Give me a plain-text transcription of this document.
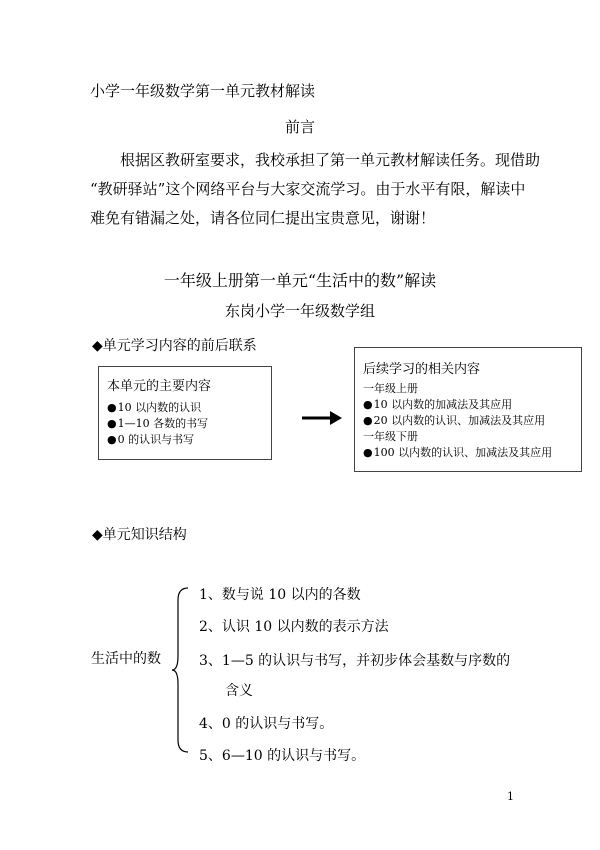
小学一年级数学第一单元教材解读
前言
根据区教研室要求，我校承担了第一单元教材解读任务。现借助
“教研驿站”这个网络平台与大家交流学习。由于水平有限，解读中
难免有错漏之处，请各位同仁提出宝贵意见，谢谢！
一年级上册第一单元“生活中的数”解读
东岗小学一年级数学组
◆单元学习内容的前后联系
本单元的主要内容
● 10 以内数的认识
● 1—10 各数的书写
● 0 的认识与书写
后续学习的相关内容
一年级上册
● 10 以内数的加减法及其应用
● 20 以内数的认识、加减法及其应用
一年级下册
● 100 以内数的认识、加减法及其应用
◆单元知识结构
生活中的数
1、数与说 10 以内的各数
2、认识 10 以内数的表示方法
3、1—5 的认识与书写，并初步体会基数与序数的
含义
4、0 的认识与书写。
5、6—10 的认识与书写。
1
